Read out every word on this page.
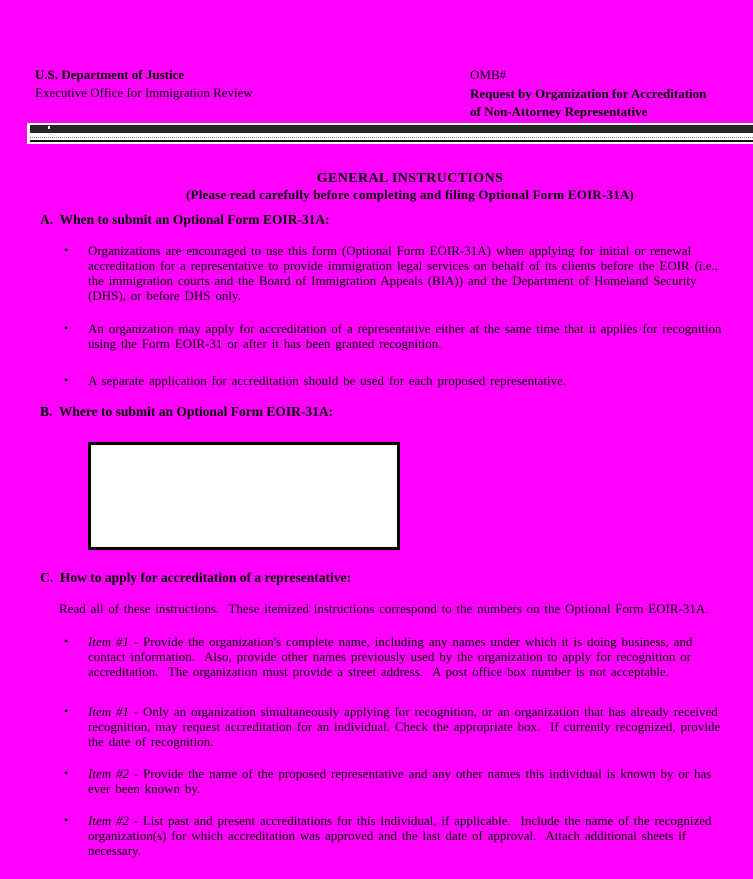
U.S. Department of Justice
Executive Office for Immigration Review
OMB#
Request by Organization for Accreditation
of Non-Attorney Representative
GENERAL INSTRUCTIONS
(Please read carefully before completing and filing Optional Form EOIR-31A)
A.  When to submit an Optional Form EOIR-31A:
•	Organizations are encouraged to use this form (Optional Form EOIR-31A) when applying for initial or renewal
accreditation for a representative to provide immigration legal services on behalf of its clients before the EOIR (i.e.,
the immigration courts and the Board of Immigration Appeals (BIA)) and the Department of Homeland Security
(DHS), or before DHS only.
•	An organization may apply for accreditation of a representative either at the same time that it applies for recognition
using the Form EOIR-31 or after it has been granted recognition.
•	A separate application for accreditation should be used for each proposed representative.
B.  Where to submit an Optional Form EOIR-31A:
C.  How to apply for accreditation of a representative:
Read all of these instructions.  These itemized instructions correspond to the numbers on the Optional Form EOIR-31A.
•	Item #1 - Provide the organization's complete name, including any names under which it is doing business, and
contact information.  Also, provide other names previously used by the organization to apply for recognition or
accreditation.  The organization must provide a street address.  A post office box number is not acceptable.
•	Item #1 - Only an organization simultaneously applying for recognition, or an organization that has already received
recognition, may request accreditation for an individual. Check the appropriate box.  If currently recognized, provide
the date of recognition.
•	Item #2 - Provide the name of the proposed representative and any other names this individual is known by or has
ever been known by.
•	Item #2 - List past and present accreditations for this individual, if applicable.  Include the name of the recognized
organization(s) for which accreditation was approved and the last date of approval.  Attach additional sheets if
necessary.
